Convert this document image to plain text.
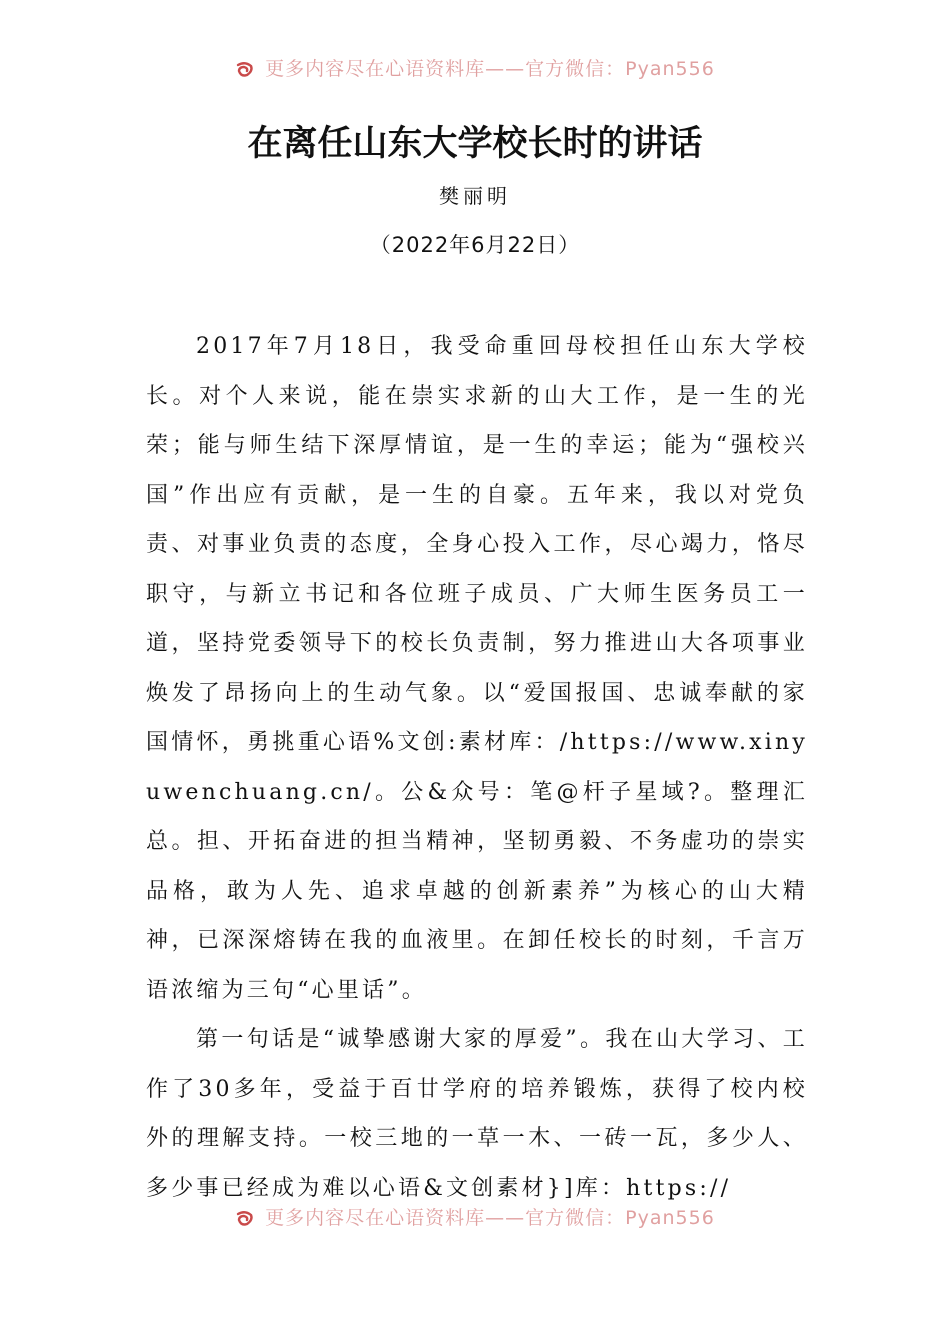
更多内容尽在心语资料库——官方微信：Pyan556
在离任山东大学校长时的讲话
樊丽明
（2022年6月22日）

2017年7月18日，我受命重回母校担任山东大学校长。对个人来说，能在崇实求新的山大工作，是一生的光荣；能与师生结下深厚情谊，是一生的幸运；能为“强校兴国”作出应有贡献，是一生的自豪。五年来，我以对党负责、对事业负责的态度，全身心投入工作，尽心竭力，恪尽职守，与新立书记和各位班子成员、广大师生医务员工一道，坚持党委领导下的校长负责制，努力推进山大各项事业焕发了昂扬向上的生动气象。以“爱国报国、忠诚奉献的家国情怀，勇挑重心语%文创:素材库：/https://www.xinyuwenchuang.cn/。公&众号：笔@杆子星域?。整理汇总。担、开拓奋进的担当精神，坚韧勇毅、不务虚功的崇实品格，敢为人先、追求卓越的创新素养”为核心的山大精神，已深深熔铸在我的血液里。在卸任校长的时刻，千言万语浓缩为三句“心里话”。

第一句话是“诚挚感谢大家的厚爱”。我在山大学习、工作了30多年，受益于百廿学府的培养锻炼，获得了校内校外的理解支持。一校三地的一草一木、一砖一瓦，多少人、多少事已经成为难以心语&文创素材}]库：https://

更多内容尽在心语资料库——官方微信：Pyan556
